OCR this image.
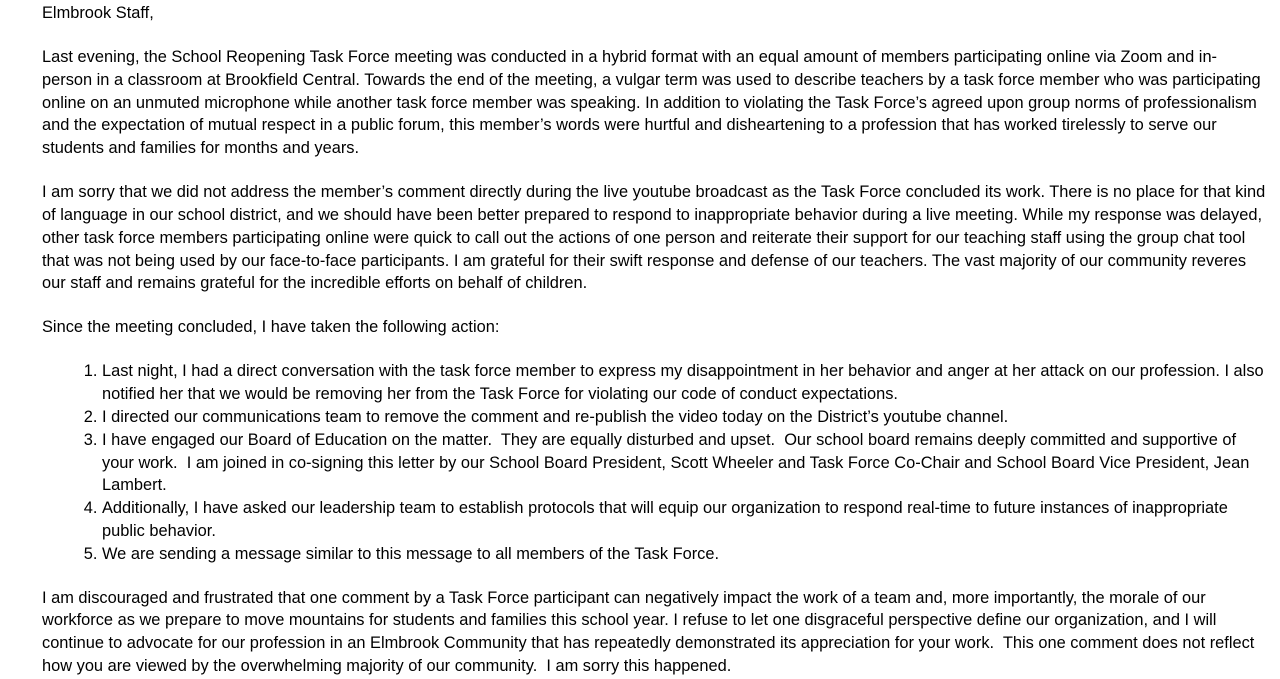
Elmbrook Staff,

Last evening, the School Reopening Task Force meeting was conducted in a hybrid format with an equal amount of members participating online via Zoom and in-person in a classroom at Brookfield Central. Towards the end of the meeting, a vulgar term was used to describe teachers by a task force member who was participating online on an unmuted microphone while another task force member was speaking. In addition to violating the Task Force’s agreed upon group norms of professionalism and the expectation of mutual respect in a public forum, this member’s words were hurtful and disheartening to a profession that has worked tirelessly to serve our students and families for months and years.

I am sorry that we did not address the member’s comment directly during the live youtube broadcast as the Task Force concluded its work. There is no place for that kind of language in our school district, and we should have been better prepared to respond to inappropriate behavior during a live meeting. While my response was delayed, other task force members participating online were quick to call out the actions of one person and reiterate their support for our teaching staff using the group chat tool that was not being used by our face-to-face participants. I am grateful for their swift response and defense of our teachers. The vast majority of our community reveres our staff and remains grateful for the incredible efforts on behalf of children.

Since the meeting concluded, I have taken the following action:

1. Last night, I had a direct conversation with the task force member to express my disappointment in her behavior and anger at her attack on our profession. I also notified her that we would be removing her from the Task Force for violating our code of conduct expectations.
2. I directed our communications team to remove the comment and re-publish the video today on the District’s youtube channel.
3. I have engaged our Board of Education on the matter.  They are equally disturbed and upset.  Our school board remains deeply committed and supportive of your work.  I am joined in co-signing this letter by our School Board President, Scott Wheeler and Task Force Co-Chair and School Board Vice President, Jean Lambert.
4. Additionally, I have asked our leadership team to establish protocols that will equip our organization to respond real-time to future instances of inappropriate public behavior.
5. We are sending a message similar to this message to all members of the Task Force.

I am discouraged and frustrated that one comment by a Task Force participant can negatively impact the work of a team and, more importantly, the morale of our workforce as we prepare to move mountains for students and families this school year. I refuse to let one disgraceful perspective define our organization, and I will continue to advocate for our profession in an Elmbrook Community that has repeatedly demonstrated its appreciation for your work.  This one comment does not reflect how you are viewed by the overwhelming majority of our community.  I am sorry this happened.
